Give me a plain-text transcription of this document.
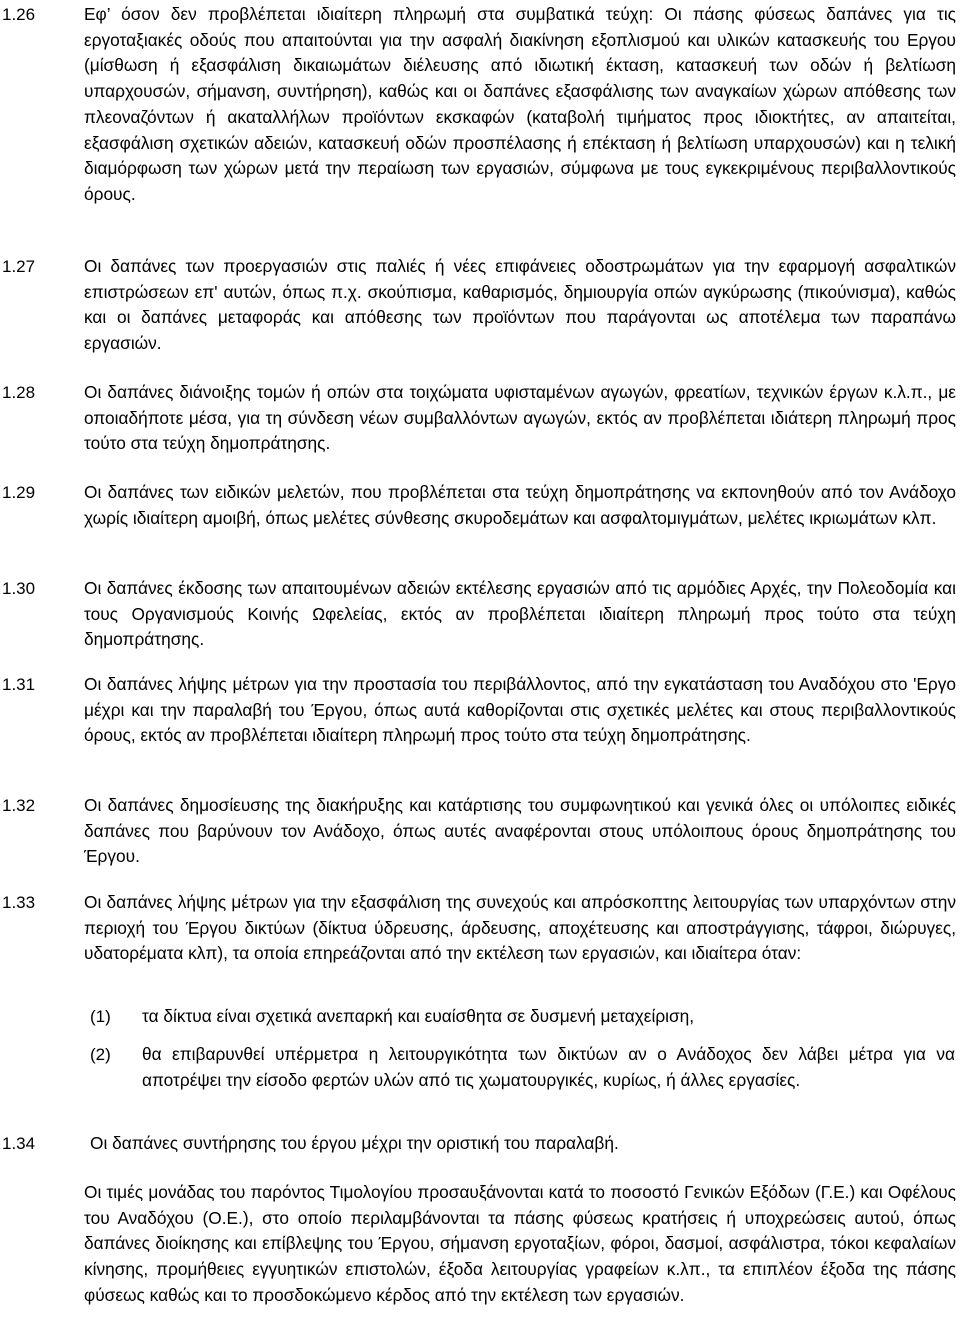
1.26	Εφ’ όσον δεν προβλέπεται ιδιαίτερη πληρωμή στα συμβατικά τεύχη: Οι πάσης φύσεως δαπάνες για τις εργοταξιακές οδούς που απαιτούνται για την ασφαλή διακίνηση εξοπλισμού και υλικών κατασκευής του Εργου (μίσθωση ή εξασφάλιση δικαιωμάτων διέλευσης από ιδιωτική έκταση, κατασκευή των οδών ή βελτίωση υπαρχουσών, σήμανση, συντήρηση), καθώς και οι δαπάνες εξασφάλισης των αναγκαίων χώρων απόθεσης των πλεοναζόντων ή ακαταλλήλων προϊόντων εκσκαφών (καταβολή τιμήματος προς ιδιοκτήτες, αν απαιτείται, εξασφάλιση σχετικών αδειών, κατασκευή οδών προσπέλασης ή επέκταση ή βελτίωση υπαρχουσών) και η τελική διαμόρφωση των χώρων μετά την περαίωση των εργασιών, σύμφωνα με τους εγκεκριμένους περιβαλλοντικούς όρους.
1.27	Οι δαπάνες των προεργασιών στις παλιές ή νέες επιφάνειες οδοστρωμάτων για την εφαρμογή ασφαλτικών επιστρώσεων επ' αυτών, όπως π.χ. σκούπισμα, καθαρισμός, δημιουργία οπών αγκύρωσης (πικούνισμα), καθώς και οι δαπάνες μεταφοράς και απόθεσης των προϊόντων που παράγονται ως αποτέλεμα των παραπάνω εργασιών.
1.28	Οι δαπάνες διάνοιξης τομών ή οπών στα τοιχώματα υφισταμένων αγωγών, φρεατίων, τεχνικών έργων κ.λ.π., με οποιαδήποτε μέσα, για τη σύνδεση νέων συμβαλλόντων αγωγών, εκτός αν προβλέπεται ιδιάτερη πληρωμή προς τούτο στα τεύχη δημοπράτησης.
1.29	Οι δαπάνες των ειδικών μελετών, που προβλέπεται στα τεύχη δημοπράτησης να εκπονηθούν από τον Ανάδοχο χωρίς ιδιαίτερη αμοιβή, όπως μελέτες σύνθεσης σκυροδεμάτων και ασφαλτομιγμάτων, μελέτες ικριωμάτων κλπ.
1.30	Οι δαπάνες έκδοσης των απαιτουμένων αδειών εκτέλεσης εργασιών από τις αρμόδιες Αρχές, την Πολεοδομία και τους Οργανισμούς Κοινής Ωφελείας, εκτός αν προβλέπεται ιδιαίτερη πληρωμή προς τούτο στα τεύχη δημοπράτησης.
1.31	Οι δαπάνες λήψης μέτρων για την προστασία του περιβάλλοντος, από την εγκατάσταση του Αναδόχου στο 'Εργο μέχρι και την παραλαβή του Έργου, όπως αυτά καθορίζονται στις σχετικές μελέτες και στους περιβαλλοντικούς όρους, εκτός αν προβλέπεται ιδιαίτερη πληρωμή προς τούτο στα τεύχη δημοπράτησης.
1.32	Οι δαπάνες δημοσίευσης της διακήρυξης και κατάρτισης του συμφωνητικού και γενικά όλες οι υπόλοιπες ειδικές δαπάνες που βαρύνουν τον Ανάδοχο, όπως αυτές αναφέρονται στους υπόλοιπους όρους δημοπράτησης του Έργου.
1.33	Οι δαπάνες λήψης μέτρων για την εξασφάλιση της συνεχούς και απρόσκοπτης λειτουργίας των υπαρχόντων στην περιοχή του Έργου δικτύων (δίκτυα ύδρευσης, άρδευσης, αποχέτευσης και αποστράγγισης, τάφροι, διώρυγες, υδατορέματα κλπ), τα οποία επηρεάζονται από την εκτέλεση των εργασιών, και ιδιαίτερα όταν:
(1) τα δίκτυα είναι σχετικά ανεπαρκή και ευαίσθητα σε δυσμενή μεταχείριση,
(2) θα επιβαρυνθεί υπέρμετρα η λειτουργικότητα των δικτύων αν ο Ανάδοχος δεν λάβει μέτρα για να αποτρέψει την είσοδο φερτών υλών από τις χωματουργικές, κυρίως, ή άλλες εργασίες.
1.34	Οι δαπάνες συντήρησης του έργου μέχρι την οριστική του παραλαβή.
Οι τιμές μονάδας του παρόντος Τιμολογίου προσαυξάνονται κατά το ποσοστό Γενικών Εξόδων (Γ.Ε.) και Οφέλους του Αναδόχου (Ο.Ε.), στο οποίο περιλαμβάνονται τα πάσης φύσεως κρατήσεις ή υποχρεώσεις αυτού, όπως δαπάνες διοίκησης και επίβλεψης του Έργου, σήμανση εργοταξίων, φόροι, δασμοί, ασφάλιστρα, τόκοι κεφαλαίων κίνησης, προμήθειες εγγυητικών επιστολών, έξοδα λειτουργίας γραφείων κ.λπ., τα επιπλέον έξοδα της πάσης φύσεως καθώς και το προσδοκώμενο κέρδος από την εκτέλεση των εργασιών.
